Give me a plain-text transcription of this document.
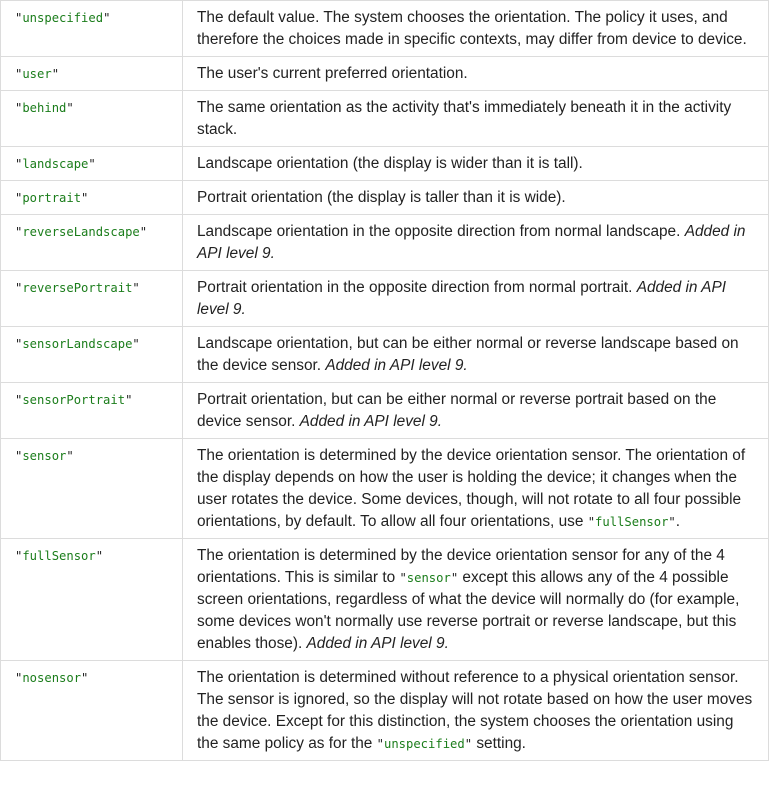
"unspecified"	The default value. The system chooses the orientation. The policy it uses, and therefore the choices made in specific contexts, may differ from device to device.
"user"	The user's current preferred orientation.
"behind"	The same orientation as the activity that's immediately beneath it in the activity stack.
"landscape"	Landscape orientation (the display is wider than it is tall).
"portrait"	Portrait orientation (the display is taller than it is wide).
"reverseLandscape"	Landscape orientation in the opposite direction from normal landscape. Added in API level 9.
"reversePortrait"	Portrait orientation in the opposite direction from normal portrait. Added in API level 9.
"sensorLandscape"	Landscape orientation, but can be either normal or reverse landscape based on the device sensor. Added in API level 9.
"sensorPortrait"	Portrait orientation, but can be either normal or reverse portrait based on the device sensor. Added in API level 9.
"sensor"	The orientation is determined by the device orientation sensor. The orientation of the display depends on how the user is holding the device; it changes when the user rotates the device. Some devices, though, will not rotate to all four possible orientations, by default. To allow all four orientations, use "fullSensor".
"fullSensor"	The orientation is determined by the device orientation sensor for any of the 4 orientations. This is similar to "sensor" except this allows any of the 4 possible screen orientations, regardless of what the device will normally do (for example, some devices won't normally use reverse portrait or reverse landscape, but this enables those). Added in API level 9.
"nosensor"	The orientation is determined without reference to a physical orientation sensor. The sensor is ignored, so the display will not rotate based on how the user moves the device. Except for this distinction, the system chooses the orientation using the same policy as for the "unspecified" setting.
